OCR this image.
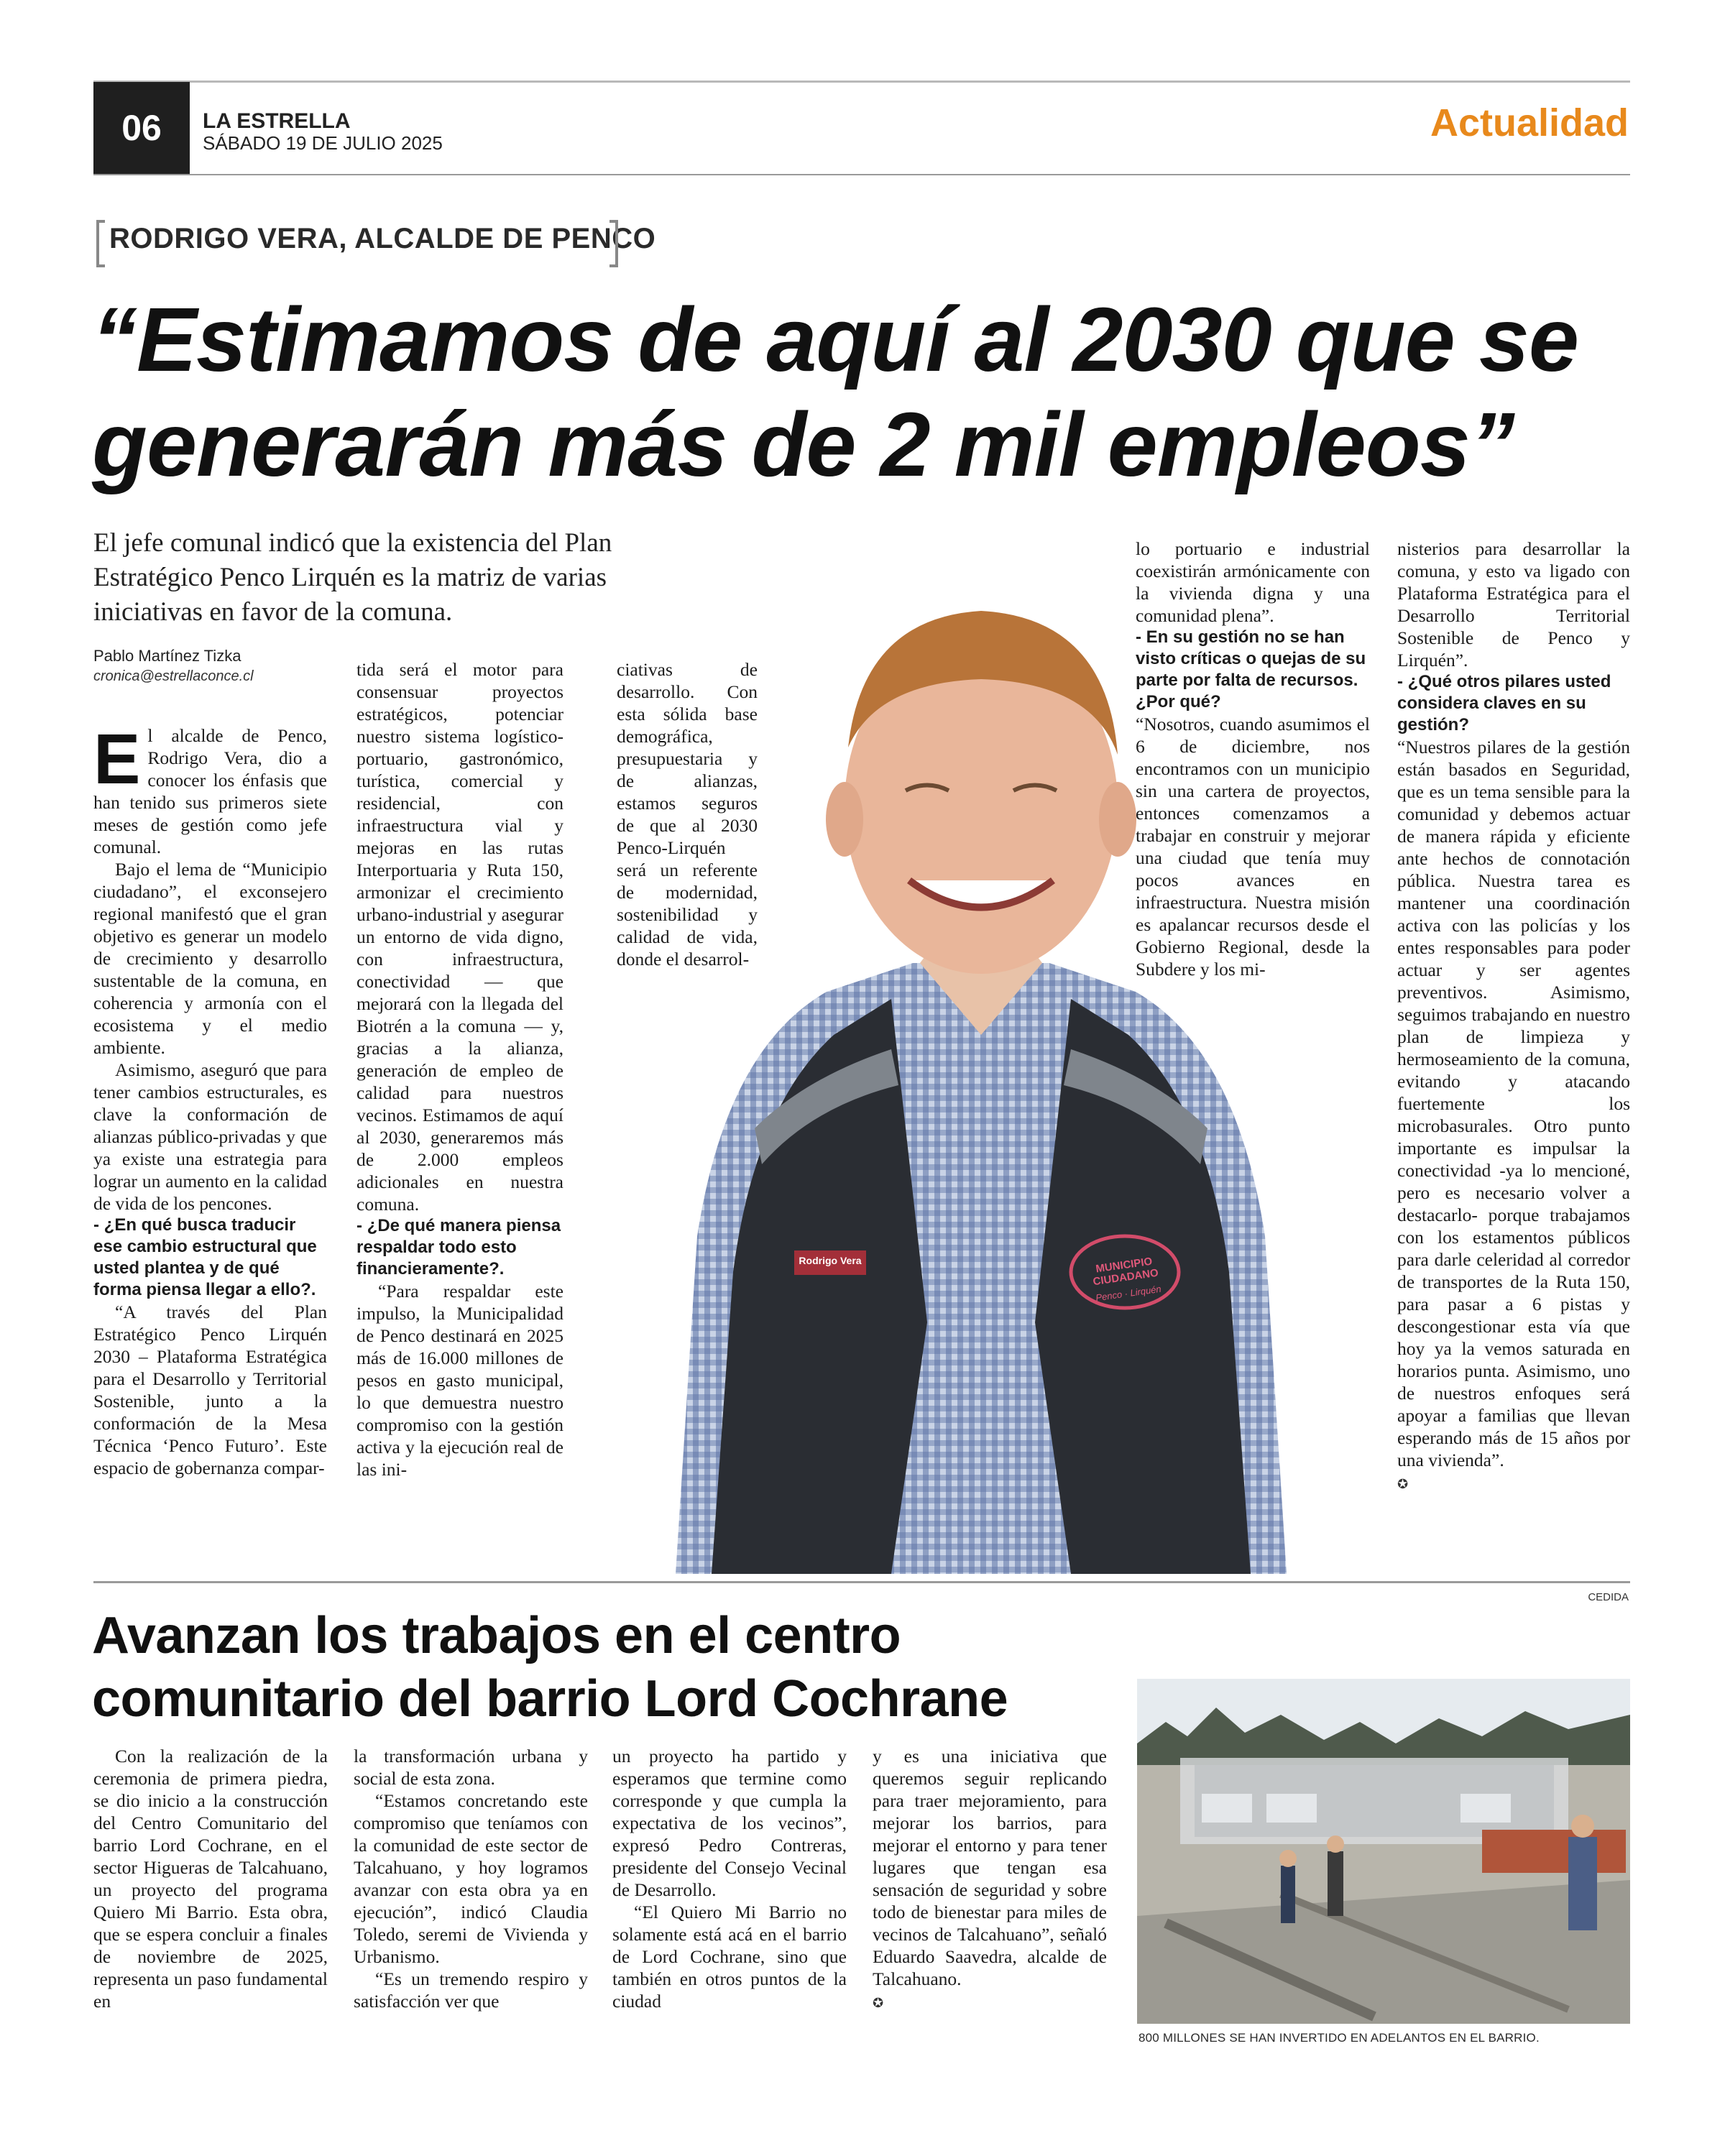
06 LA ESTRELLA
SÁBADO 19 DE JULIO 2025	Actualidad
RODRIGO VERA, ALCALDE DE PENCO
“Estimamos de aquí al 2030 que se
generarán más de 2 mil empleos”
El jefe comunal indicó que la existencia del Plan Estratégico Penco Lirquén es la matriz de varias iniciativas en favor de la comuna.
Pablo Martínez Tizka
cronica@estrellaconce.cl
Rodrigo Vera	MUNICIPIO CIUDADANO
Penco · Lirquén
E l alcalde de Penco, Rodrigo Vera, dio a conocer los énfasis que han tenido sus primeros siete meses de gestión como jefe comunal.

Bajo el lema de “Municipio ciudadano”, el exconsejero regional manifestó que el gran objetivo es generar un modelo de crecimiento y desarrollo sustentable de la comuna, en coherencia y armonía con el ecosistema y el medio ambiente.

Asimismo, aseguró que para tener cambios estructurales, es clave la conformación de alianzas público-privadas y que ya existe una estrategia para lograr un aumento en la calidad de vida de los pencones.

- ¿En qué busca traducir ese cambio estructural que usted plantea y de qué forma piensa llegar a ello?.

“A través del Plan Estratégico Penco Lirquén 2030 – Plataforma Estratégica para el Desarrollo y Territorial Sostenible, junto a la conformación de la Mesa Técnica ‘Penco Futuro’. Este espacio de gobernanza compar-

tida será el motor para consensuar proyectos estratégicos, potenciar nuestro sistema logístico-portuario, gastronómico, turística, comercial y residencial, con infraestructura vial y mejoras en las rutas Interportuaria y Ruta 150, armonizar el crecimiento urbano-industrial y asegurar un entorno de vida digno, con infraestructura, conectividad — que mejorará con la llegada del Biotrén a la comuna — y, gracias a la alianza, generación de empleo de calidad para nuestros vecinos. Estimamos de aquí al 2030, generaremos más de 2.000 empleos adicionales en nuestra comuna.

- ¿De qué manera piensa respaldar todo esto financieramente?.

“Para respaldar este impulso, la Municipalidad de Penco destinará en 2025 más de 16.000 millones de pesos en gasto municipal, lo que demuestra nuestro compromiso con la gestión activa y la ejecución real de las ini-

ciativas de desarrollo. Con esta sólida base demográfica, presupuestaria y de alianzas, estamos seguros de que al 2030 Penco-Lirquén será un referente de modernidad, sostenibilidad y calidad de vida, donde el desarrol-

lo portuario e industrial coexistirán armónicamente con la vivienda digna y una comunidad plena”.

- En su gestión no se han visto críticas o quejas de su parte por falta de recursos. ¿Por qué?

“Nosotros, cuando asumimos el 6 de diciembre, nos encontramos con un municipio sin una cartera de proyectos, entonces comenzamos a trabajar en construir y mejorar una ciudad que tenía muy pocos avances en infraestructura. Nuestra misión es apalancar recursos desde el Gobierno Regional, desde la Subdere y los mi-

nisterios para desarrollar la comuna, y esto va ligado con Plataforma Estratégica para el Desarrollo Territorial Sostenible de Penco y Lirquén”.

- ¿Qué otros pilares usted considera claves en su gestión?

“Nuestros pilares de la gestión están basados en Seguridad, que es un tema sensible para la comunidad y debemos actuar de manera rápida y eficiente ante hechos de connotación pública. Nuestra tarea es mantener una coordinación activa con las policías y los entes responsables para poder actuar y ser agentes preventivos. Asimismo, seguimos trabajando en nuestro plan de limpieza y hermoseamiento de la comuna, evitando y atacando fuertemente los microbasurales. Otro punto importante es impulsar la conectividad -ya lo mencioné, pero es necesario volver a destacarlo- porque trabajamos con los estamentos públicos para darle celeridad al corredor de transportes de la Ruta 150, para pasar a 6 pistas y descongestionar esta vía que hoy ya la vemos saturada en horarios punta. Asimismo, uno de nuestros enfoques será apoyar a familias que llevan esperando más de 15 años por una vivienda”.

✪
Avanzan los trabajos en el centro
comunitario del barrio Lord Cochrane

Con la realización de la ceremonia de primera piedra, se dio inicio a la construcción del Centro Comunitario del barrio Lord Cochrane, en el sector Higueras de Talcahuano, un proyecto del programa Quiero Mi Barrio. Esta obra, que se espera concluir a finales de noviembre de 2025, representa un paso fundamental en

la transformación urbana y social de esta zona.

“Estamos concretando este compromiso que teníamos con la comunidad de este sector de Talcahuano, y hoy logramos avanzar con esta obra ya en ejecución”, indicó Claudia Toledo, seremi de Vivienda y Urbanismo.

“Es un tremendo respiro y satisfacción ver que

un proyecto ha partido y esperamos que termine como corresponde y que cumpla la expectativa de los vecinos”, expresó Pedro Contreras, presidente del Consejo Vecinal de Desarrollo.

“El Quiero Mi Barrio no solamente está acá en el barrio de Lord Cochrane, sino que también en otros puntos de la ciudad

y es una iniciativa que queremos seguir replicando para traer mejoramiento, para mejorar los barrios, para mejorar el entorno y para tener lugares que tengan esa sensación de seguridad y sobre todo de bienestar para miles de vecinos de Talcahuano”, señaló Eduardo Saavedra, alcalde de Talcahuano.

✪
CEDIDA
800 MILLONES SE HAN INVERTIDO EN ADELANTOS EN EL BARRIO.
